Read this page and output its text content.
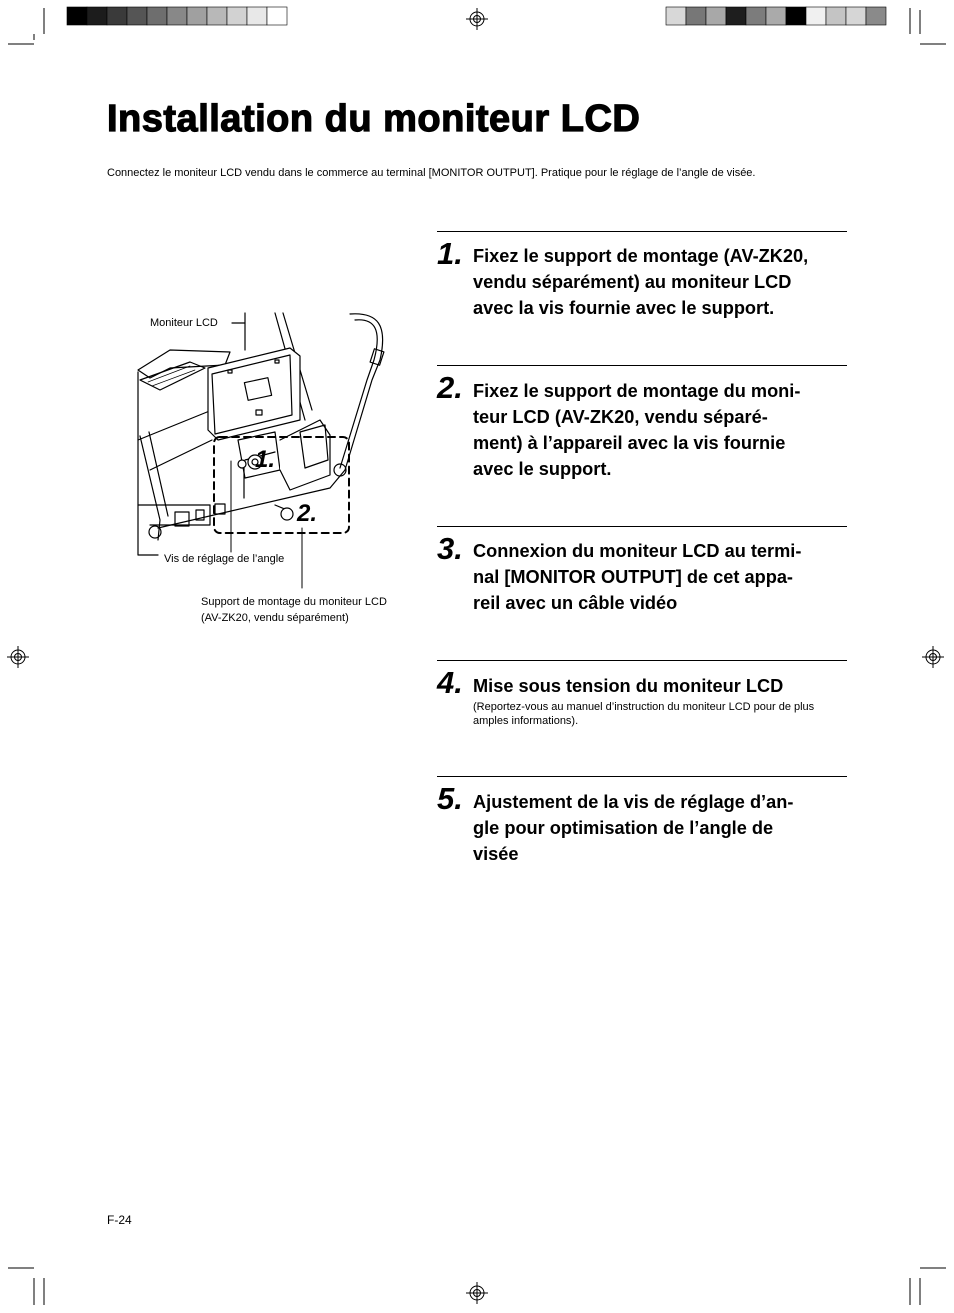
Installation du moniteur LCD
Connectez le moniteur LCD vendu dans le commerce au terminal [MONITOR OUTPUT]. Pratique pour le réglage de l’angle de visée.
1.
2.
Moniteur LCD
Vis de réglage de l’angle
Support de montage du moniteur LCD
(AV-ZK20, vendu séparément)
1. Fixez le support de montage (AV-ZK20,
vendu séparément) au moniteur LCD
avec la vis fournie avec le support.
2. Fixez le support de montage du moni-
teur LCD (AV-ZK20, vendu séparé-
ment) à l’appareil avec la vis fournie
avec le support.
3. Connexion du moniteur LCD au termi-
nal [MONITOR OUTPUT] de cet appa-
reil avec un câble vidéo
4. Mise sous tension du moniteur LCD
(Reportez-vous au manuel d’instruction du moniteur LCD pour de plus
amples informations).
5. Ajustement de la vis de réglage d’an-
gle pour optimisation de l’angle de
visée
F-24
